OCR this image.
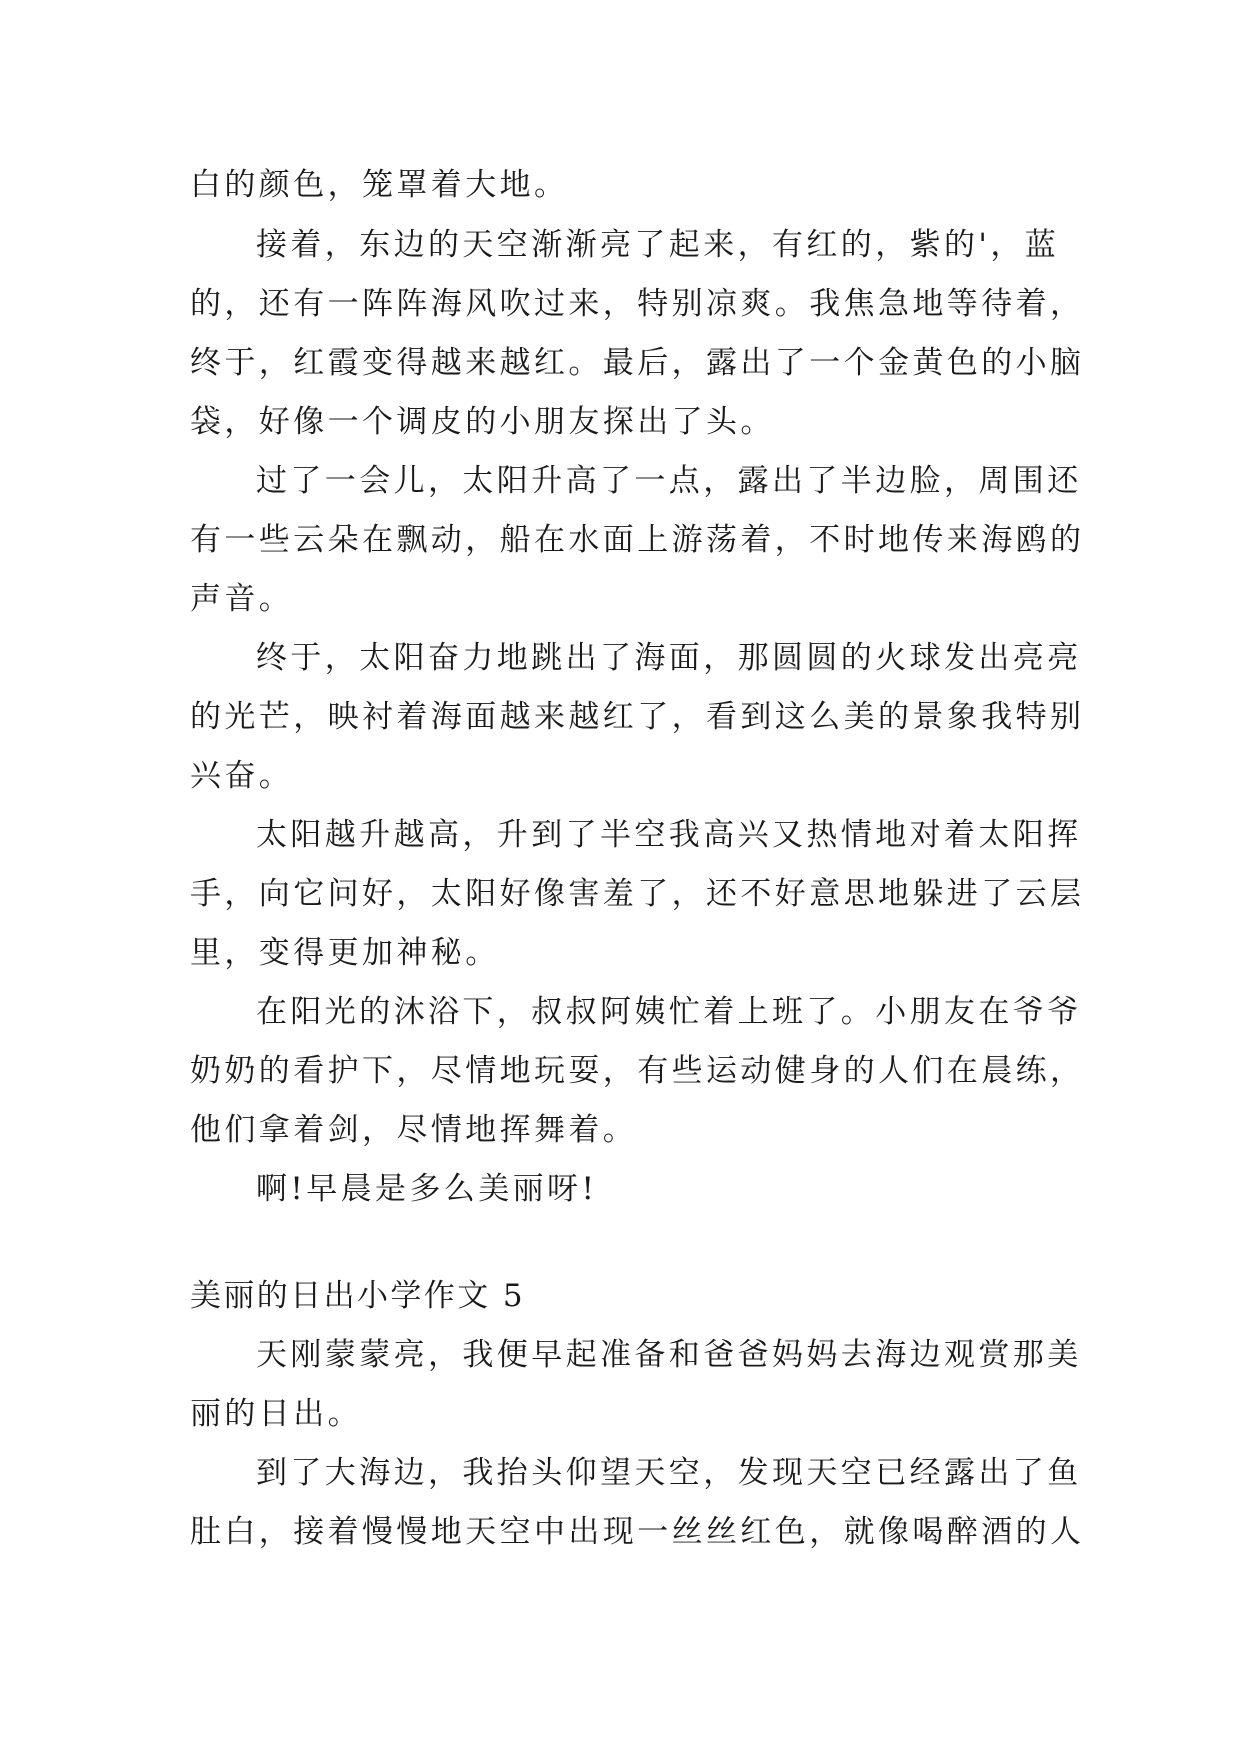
白的颜色，笼罩着大地。
接着，东边的天空渐渐亮了起来，有红的，紫的'，蓝
的，还有一阵阵海风吹过来，特别凉爽。我焦急地等待着，
终于，红霞变得越来越红。最后，露出了一个金黄色的小脑
袋，好像一个调皮的小朋友探出了头。
过了一会儿，太阳升高了一点，露出了半边脸，周围还
有一些云朵在飘动，船在水面上游荡着，不时地传来海鸥的
声音。
终于，太阳奋力地跳出了海面，那圆圆的火球发出亮亮
的光芒，映衬着海面越来越红了，看到这么美的景象我特别
兴奋。
太阳越升越高，升到了半空我高兴又热情地对着太阳挥
手，向它问好，太阳好像害羞了，还不好意思地躲进了云层
里，变得更加神秘。
在阳光的沐浴下，叔叔阿姨忙着上班了。小朋友在爷爷
奶奶的看护下，尽情地玩耍，有些运动健身的人们在晨练，
他们拿着剑，尽情地挥舞着。
啊!早晨是多么美丽呀!
美丽的日出小学作文 5
天刚蒙蒙亮，我便早起准备和爸爸妈妈去海边观赏那美
丽的日出。
到了大海边，我抬头仰望天空，发现天空已经露出了鱼
肚白，接着慢慢地天空中出现一丝丝红色，就像喝醉酒的人
